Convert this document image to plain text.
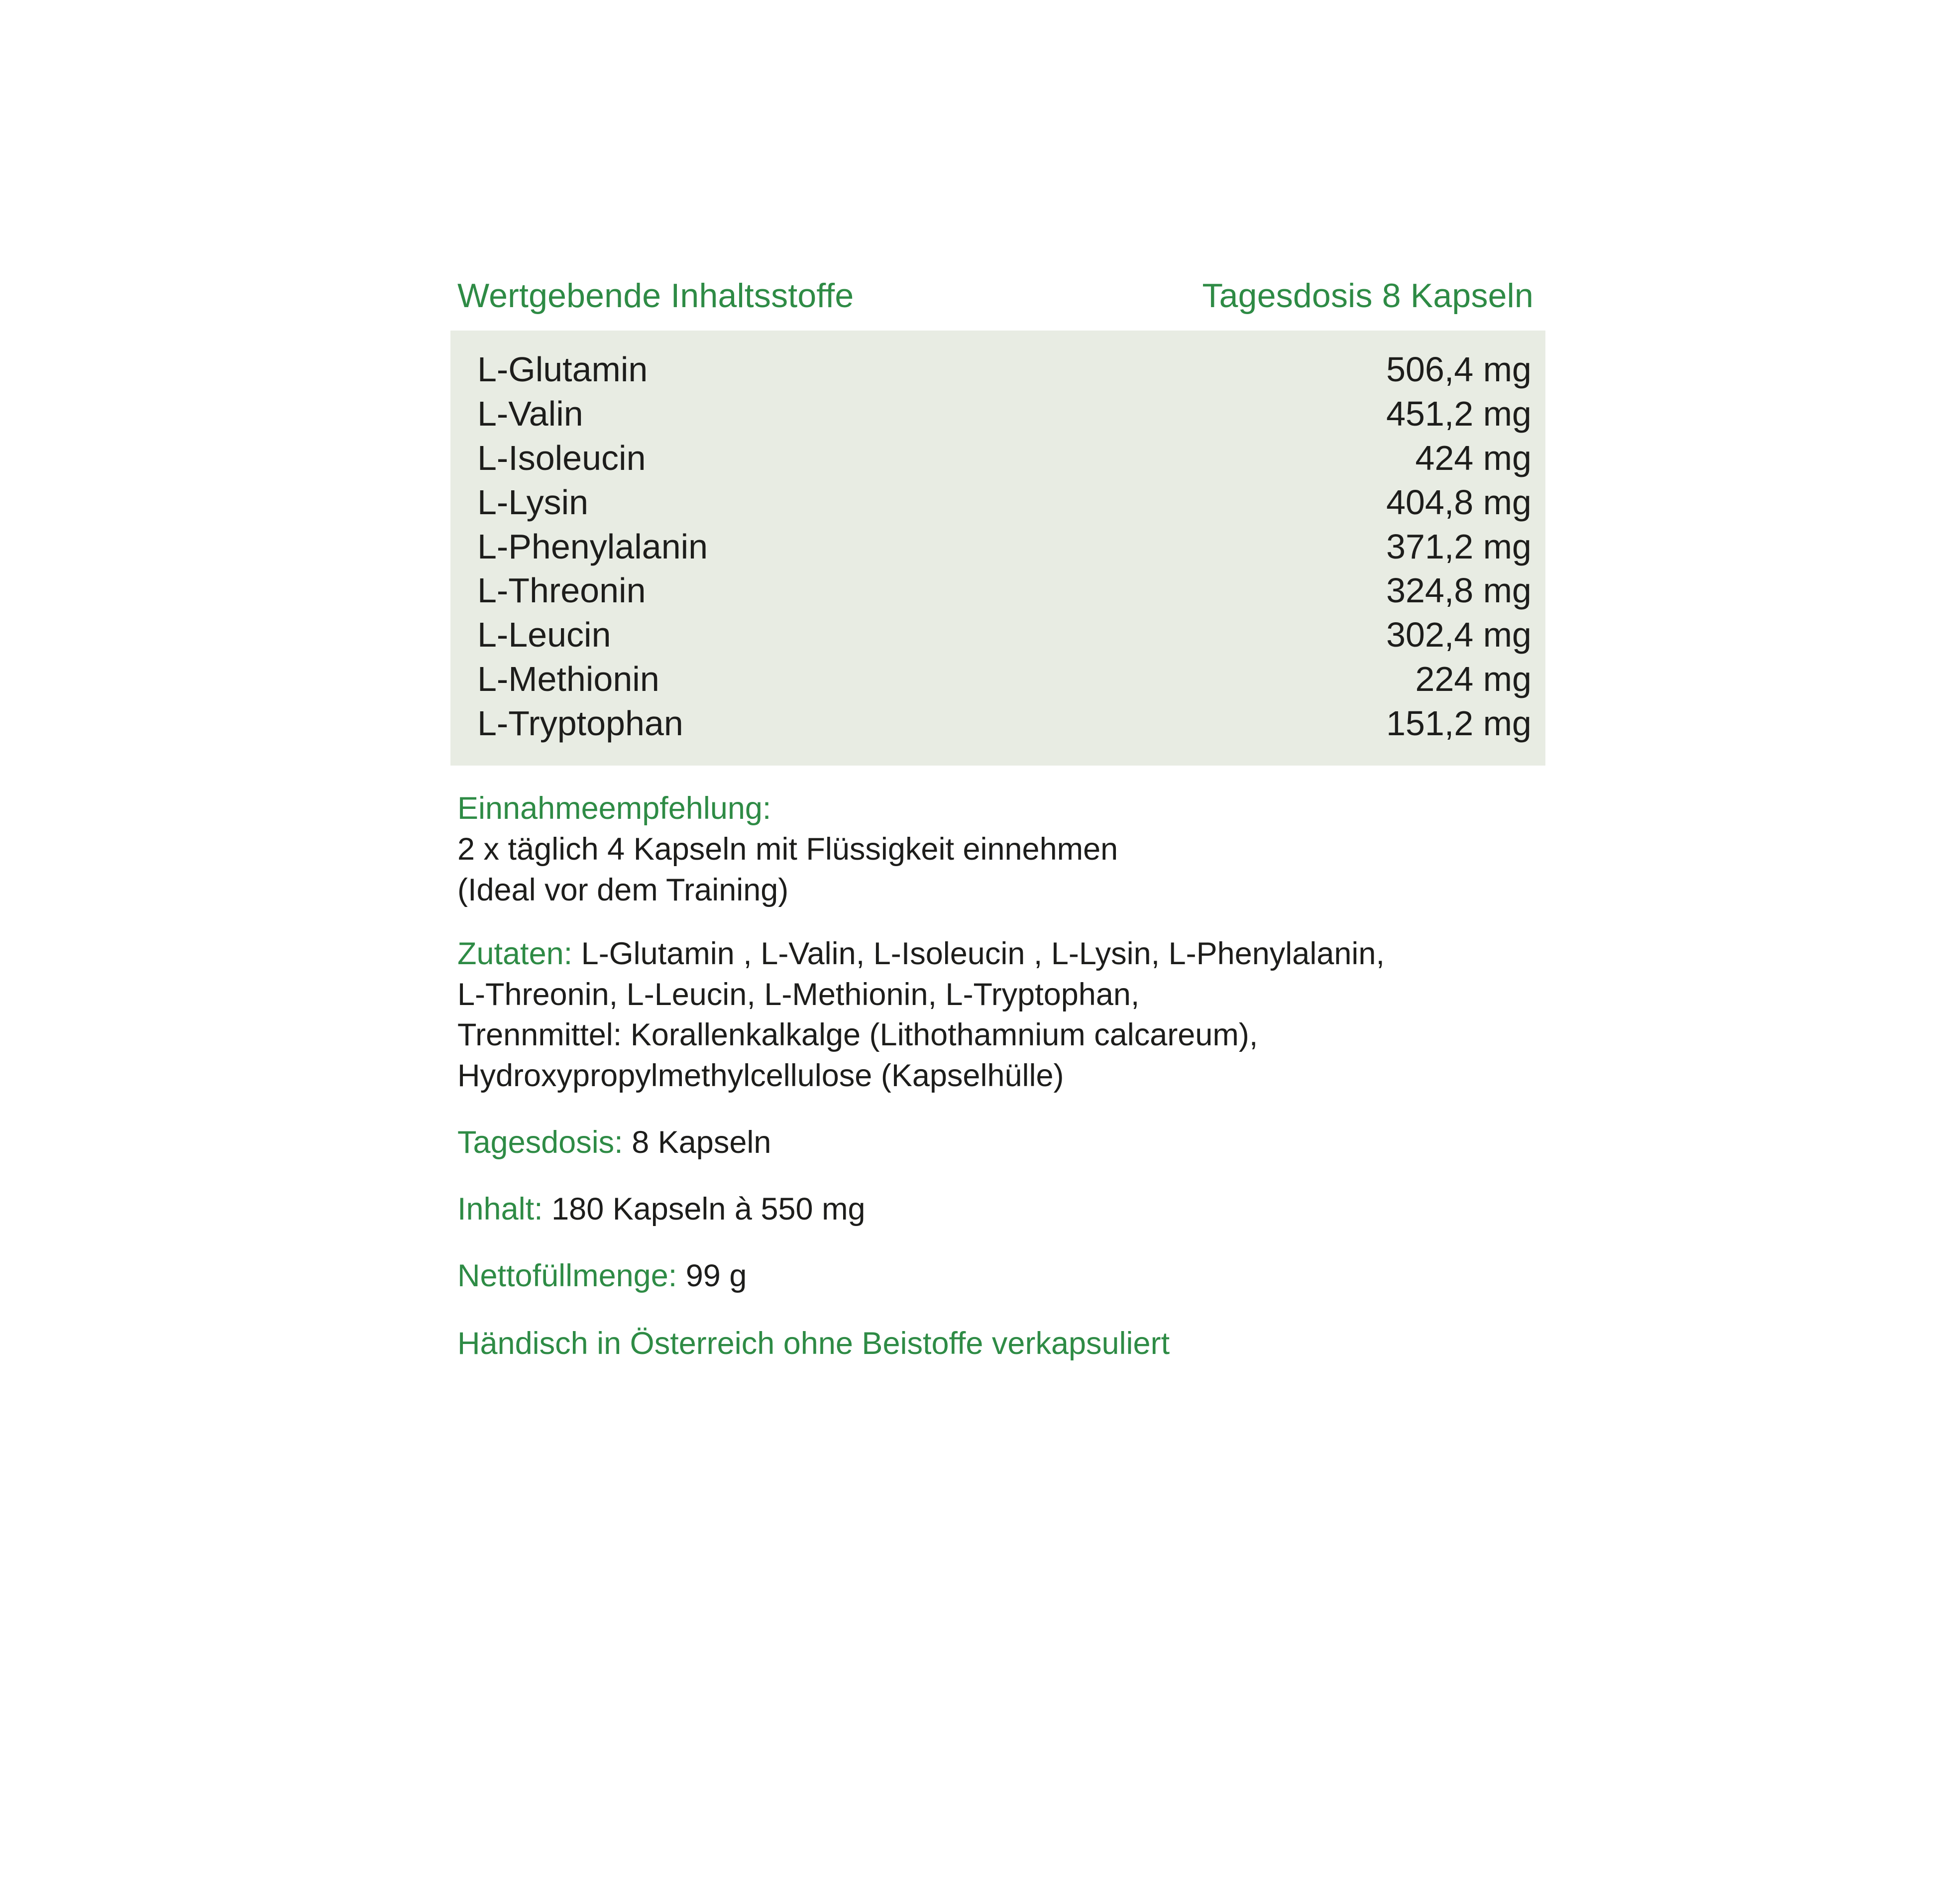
Wertgebende Inhaltsstoffe	Tagesdosis 8 Kapseln
L-Glutamin	506,4 mg
L-Valin	451,2 mg
L-Isoleucin	424 mg
L-Lysin	404,8 mg
L-Phenylalanin	371,2 mg
L-Threonin	324,8 mg
L-Leucin	302,4 mg
L-Methionin	224 mg
L-Tryptophan	151,2 mg
Einnahmeempfehlung:
2 x täglich 4 Kapseln mit Flüssigkeit einnehmen
(Ideal vor dem Training)
Zutaten: L-Glutamin , L-Valin, L-Isoleucin , L-Lysin, L-Phenylalanin,
L-Threonin, L-Leucin, L-Methionin, L-Tryptophan,
Trennmittel: Korallenkalkalge (Lithothamnium calcareum),
Hydroxypropylmethylcellulose (Kapselhülle)
Tagesdosis: 8 Kapseln
Inhalt: 180 Kapseln à 550 mg
Nettofüllmenge: 99 g
Händisch in Österreich ohne Beistoffe verkapsuliert
